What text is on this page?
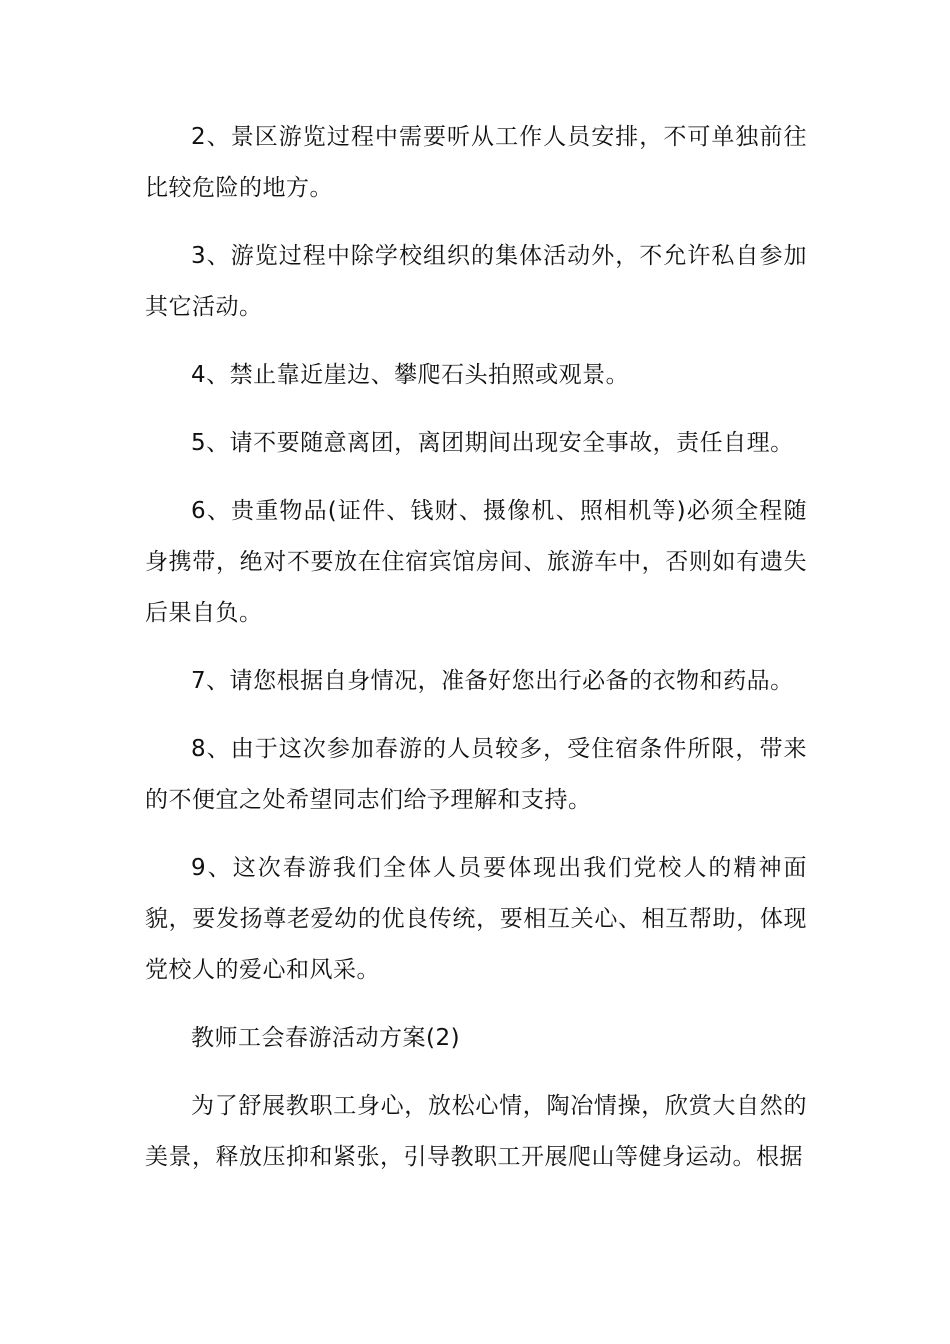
2、景区游览过程中需要听从工作人员安排，不可单独前往比较危险的地方。

3、游览过程中除学校组织的集体活动外，不允许私自参加其它活动。

4、禁止靠近崖边、攀爬石头拍照或观景。

5、请不要随意离团，离团期间出现安全事故，责任自理。

6、贵重物品(证件、钱财、摄像机、照相机等)必须全程随身携带，绝对不要放在住宿宾馆房间、旅游车中，否则如有遗失后果自负。

7、请您根据自身情况，准备好您出行必备的衣物和药品。

8、由于这次参加春游的人员较多，受住宿条件所限，带来的不便宜之处希望同志们给予理解和支持。

9、这次春游我们全体人员要体现出我们党校人的精神面貌，要发扬尊老爱幼的优良传统，要相互关心、相互帮助，体现党校人的爱心和风采。

教师工会春游活动方案(2)

为了舒展教职工身心，放松心情，陶冶情操，欣赏大自然的美景，释放压抑和紧张，引导教职工开展爬山等健身运动。根据
